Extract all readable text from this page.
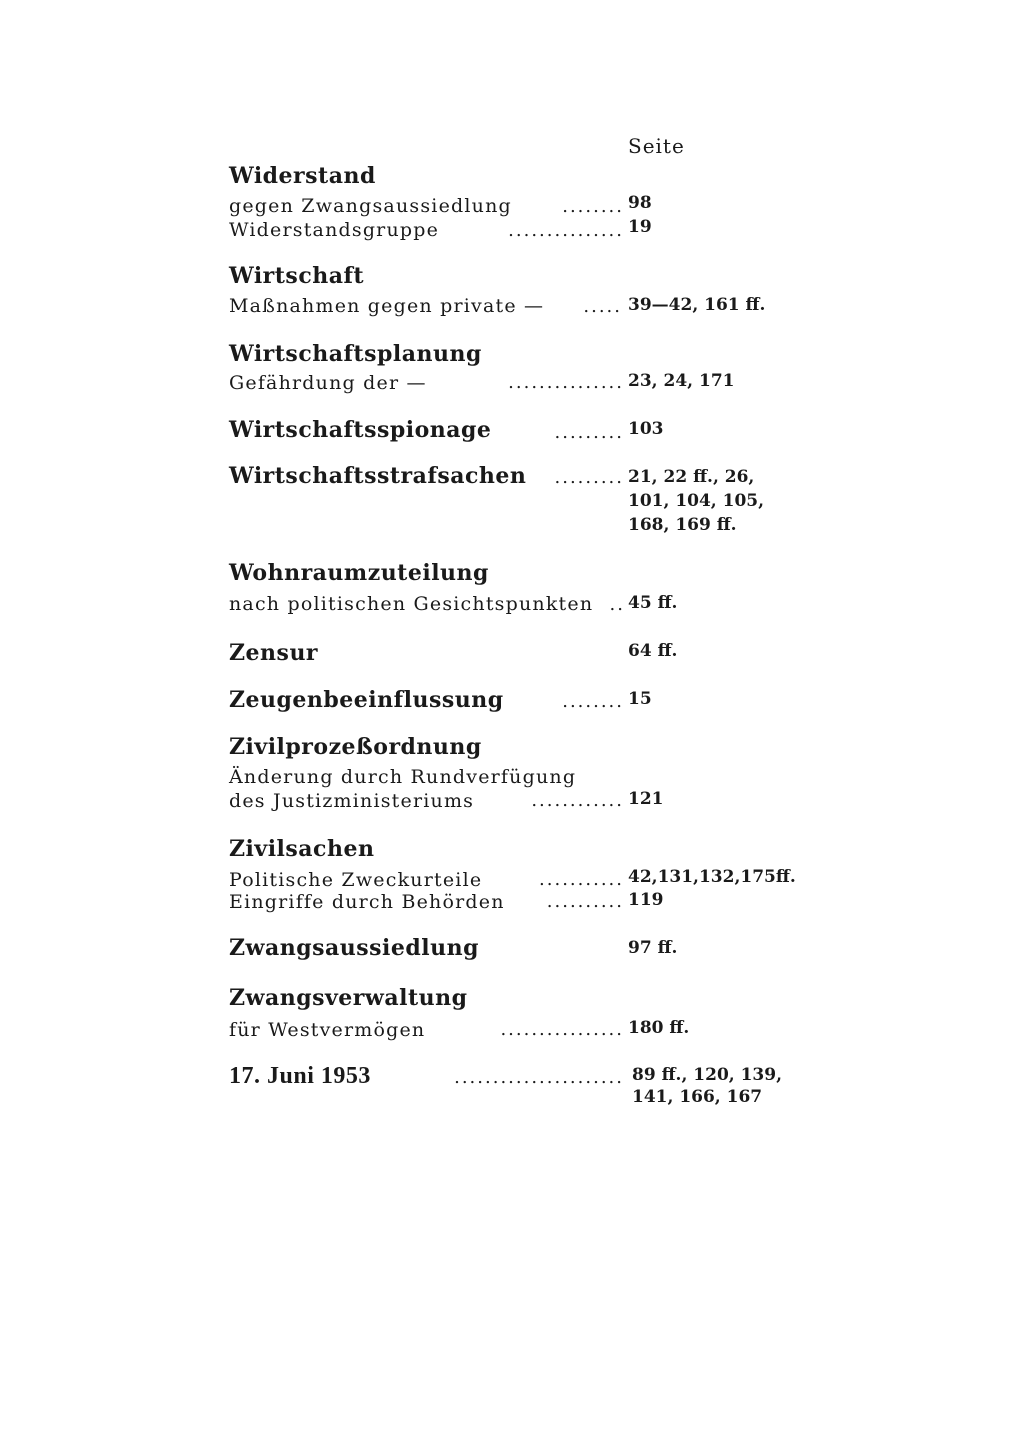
Seite
Widerstand
gegen Zwangsaussiedlung	........ 98
Widerstandsgruppe	............... 19
Wirtschaft
Maßnahmen gegen private —	..... 39—42, 161 ff.
Wirtschaftsplanung
Gefährdung der —	............... 23, 24, 171
Wirtschaftsspionage	......... 103
Wirtschaftsstrafsachen	......... 21, 22 ff., 26,
101, 104, 105,
168, 169 ff.
Wohnraumzuteilung
nach politischen Gesichtspunkten .. 45 ff.
Zensur	64 ff.
Zeugenbeeinflussung	........ 15
Zivilprozeßordnung
Änderung durch Rundverfügung
des Justizministeriums	............ 121
Zivilsachen
Politische Zweckurteile	........... 42,131,132,175ff.
Eingriffe durch Behörden	.......... 119
Zwangsaussiedlung	97 ff.
Zwangsverwaltung
für Westvermögen	................ 180 ff.
17. Juni 1953	...................... 89 ff., 120, 139,
141, 166, 167
